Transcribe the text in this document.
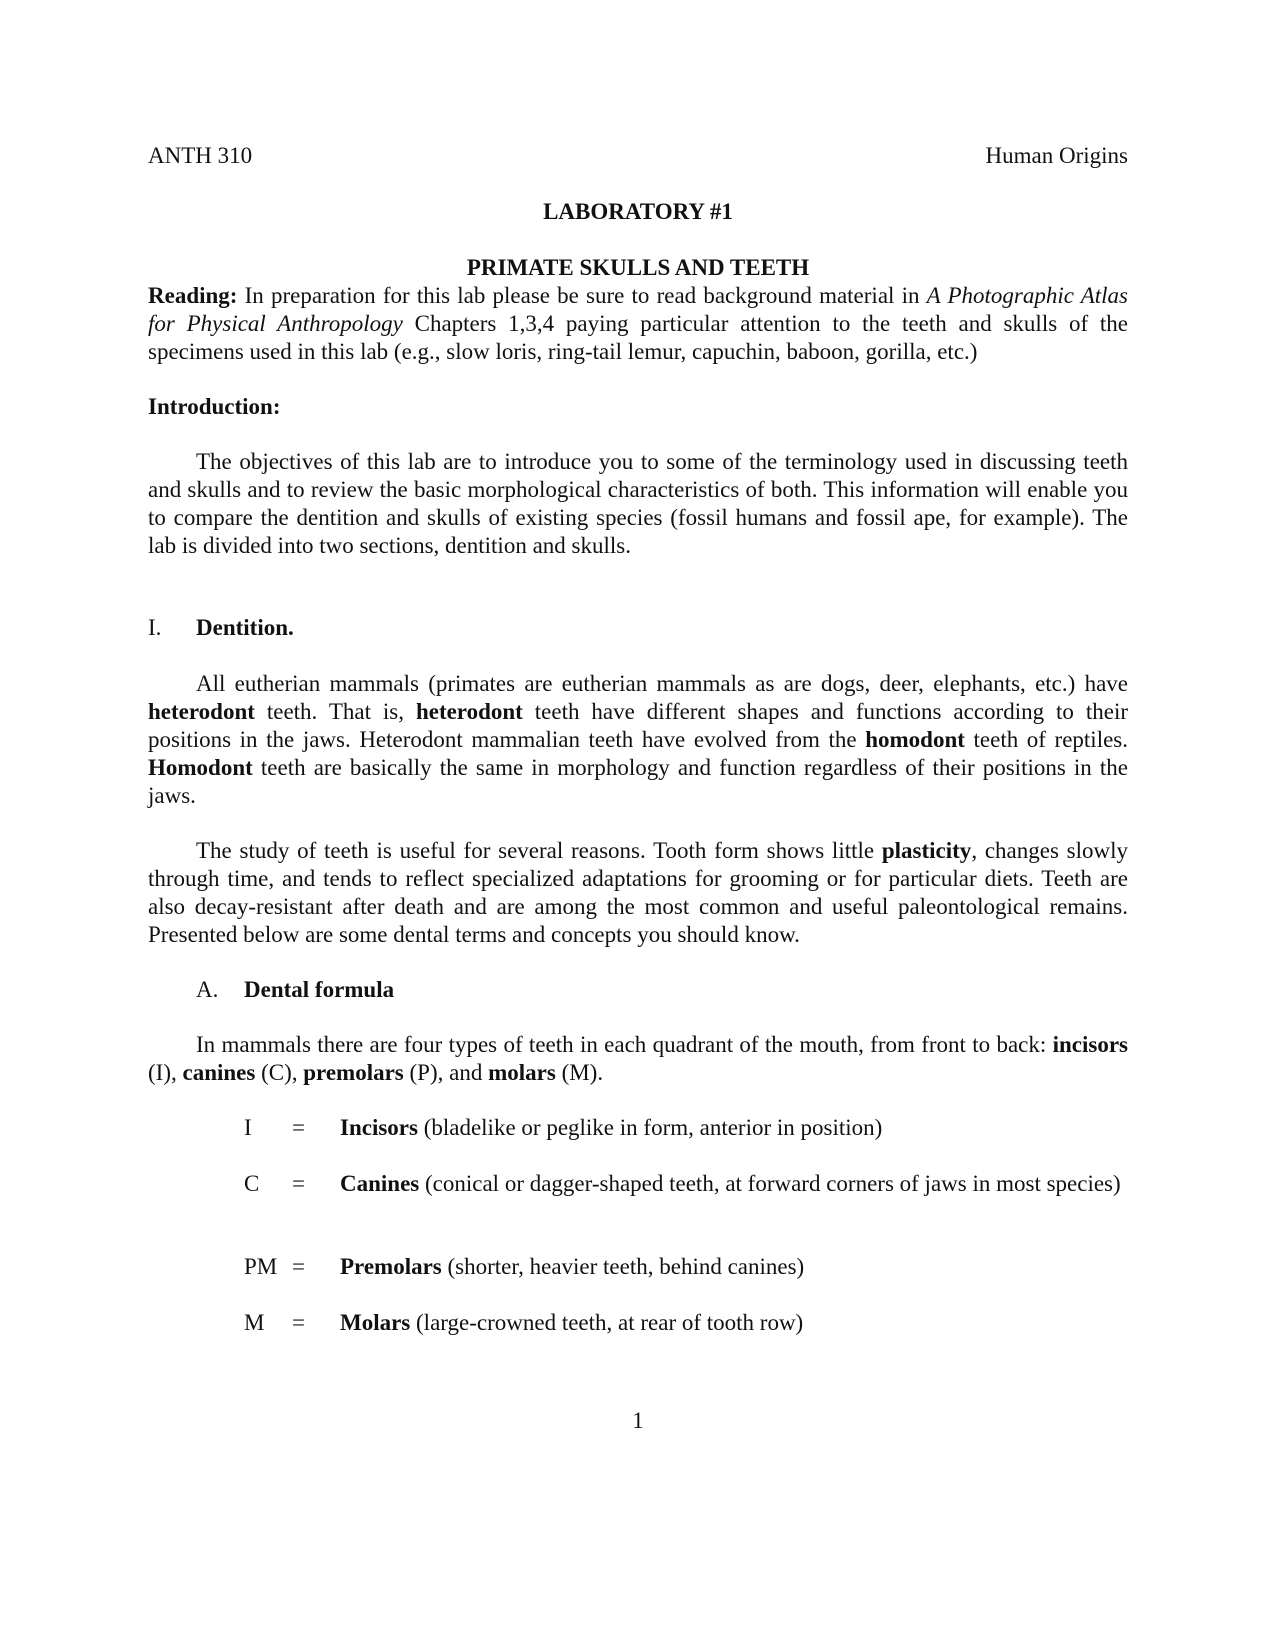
ANTH 310	Human Origins
LABORATORY #1
PRIMATE SKULLS AND TEETH
Reading: In preparation for this lab please be sure to read background material in A Photographic Atlas for Physical Anthropology Chapters 1,3,4 paying particular attention to the teeth and skulls of the specimens used in this lab (e.g., slow loris, ring-tail lemur, capuchin, baboon, gorilla, etc.)
Introduction:
The objectives of this lab are to introduce you to some of the terminology used in discussing teeth and skulls and to review the basic morphological characteristics of both. This information will enable you to compare the dentition and skulls of existing species (fossil humans and fossil ape, for example). The lab is divided into two sections, dentition and skulls.
I. Dentition.
All eutherian mammals (primates are eutherian mammals as are dogs, deer, elephants, etc.) have heterodont teeth. That is, heterodont teeth have different shapes and functions according to their positions in the jaws. Heterodont mammalian teeth have evolved from the homodont teeth of reptiles. Homodont teeth are basically the same in morphology and function regardless of their positions in the jaws.
The study of teeth is useful for several reasons. Tooth form shows little plasticity, changes slowly through time, and tends to reflect specialized adaptations for grooming or for particular diets. Teeth are also decay-resistant after death and are among the most common and useful paleontological remains. Presented below are some dental terms and concepts you should know.
A. Dental formula
In mammals there are four types of teeth in each quadrant of the mouth, from front to back: incisors (I), canines (C), premolars (P), and molars (M).
I = Incisors (bladelike or peglike in form, anterior in position)
C = Canines (conical or dagger-shaped teeth, at forward corners of jaws in most species)
PM = Premolars (shorter, heavier teeth, behind canines)
M = Molars (large-crowned teeth, at rear of tooth row)
1
